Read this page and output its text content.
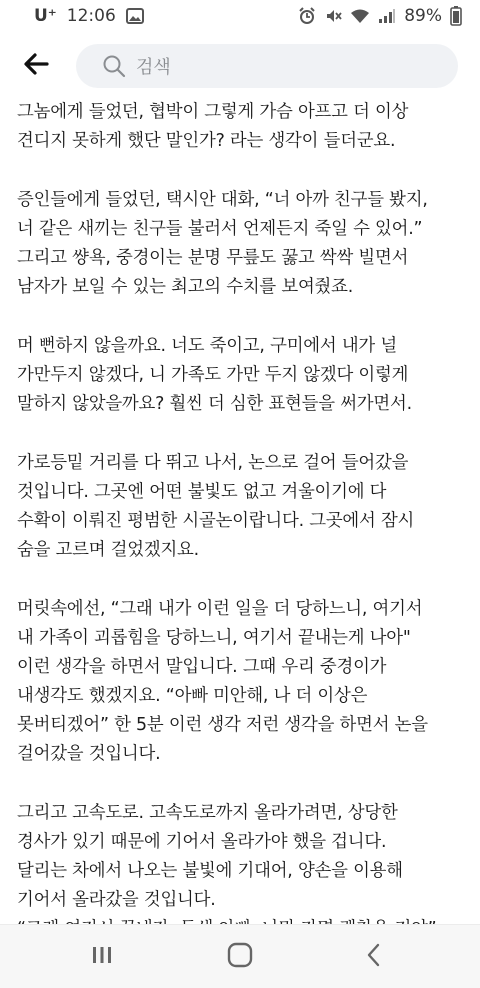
U⁺ 12:06	89%
검색
그놈에게 들었던, 협박이 그렇게 가슴 아프고 더 이상
견디지 못하게 했단 말인가? 라는 생각이 들더군요.
증인들에게 들었던, 택시안 대화, “너 아까 친구들 봤지,
너 같은 새끼는 친구들 불러서 언제든지 죽일 수 있어.”
그리고 썅욕, 중경이는 분명 무릎도 꿇고 싹싹 빌면서
남자가 보일 수 있는 최고의 수치를 보여줬죠.
머 뻔하지 않을까요. 너도 죽이고, 구미에서 내가 널
가만두지 않겠다, 니 가족도 가만 두지 않겠다 이렇게
말하지 않았을까요? 훨씬 더 심한 표현들을 써가면서.
가로등밑 거리를 다 뛰고 나서, 논으로 걸어 들어갔을
것입니다. 그곳엔 어떤 불빛도 없고 겨울이기에 다
수확이 이뤄진 평범한 시골논이랍니다. 그곳에서 잠시
숨을 고르며 걸었겠지요.
머릿속에선, “그래 내가 이런 일을 더 당하느니, 여기서
내 가족이 괴롭힘을 당하느니, 여기서 끝내는게 나아"
이런 생각을 하면서 말입니다. 그때 우리 중경이가
내생각도 했겠지요. “아빠 미안해, 나 더 이상은
못버티겠어” 한 5분 이런 생각 저런 생각을 하면서 논을
걸어갔을 것입니다.
그리고 고속도로. 고속도로까지 올라가려면, 상당한
경사가 있기 때문에 기어서 올라가야 했을 겁니다.
달리는 차에서 나오는 불빛에 기대어, 양손을 이용해
기어서 올라갔을 것입니다.
